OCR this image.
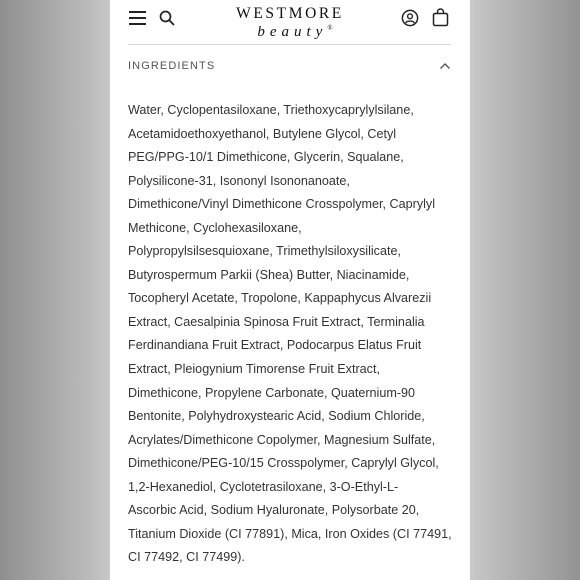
WESTMORE
beauty®
INGREDIENTS
Water, Cyclopentasiloxane, Triethoxycaprylylsilane,
Acetamidoethoxyethanol, Butylene Glycol, Cetyl
PEG/PPG-10/1 Dimethicone, Glycerin, Squalane,
Polysilicone-31, Isononyl Isononanoate,
Dimethicone/Vinyl Dimethicone Crosspolymer, Caprylyl
Methicone, Cyclohexasiloxane,
Polypropylsilsesquioxane, Trimethylsiloxysilicate,
Butyrospermum Parkii (Shea) Butter, Niacinamide,
Tocopheryl Acetate, Tropolone, Kappaphycus Alvarezii
Extract, Caesalpinia Spinosa Fruit Extract, Terminalia
Ferdinandiana Fruit Extract, Podocarpus Elatus Fruit
Extract, Pleiogynium Timorense Fruit Extract,
Dimethicone, Propylene Carbonate, Quaternium-90
Bentonite, Polyhydroxystearic Acid, Sodium Chloride,
Acrylates/Dimethicone Copolymer, Magnesium Sulfate,
Dimethicone/PEG-10/15 Crosspolymer, Caprylyl Glycol,
1,2-Hexanediol, Cyclotetrasiloxane, 3-O-Ethyl-L-
Ascorbic Acid, Sodium Hyaluronate, Polysorbate 20,
Titanium Dioxide (CI 77891), Mica, Iron Oxides (CI 77491,
CI 77492, CI 77499).
